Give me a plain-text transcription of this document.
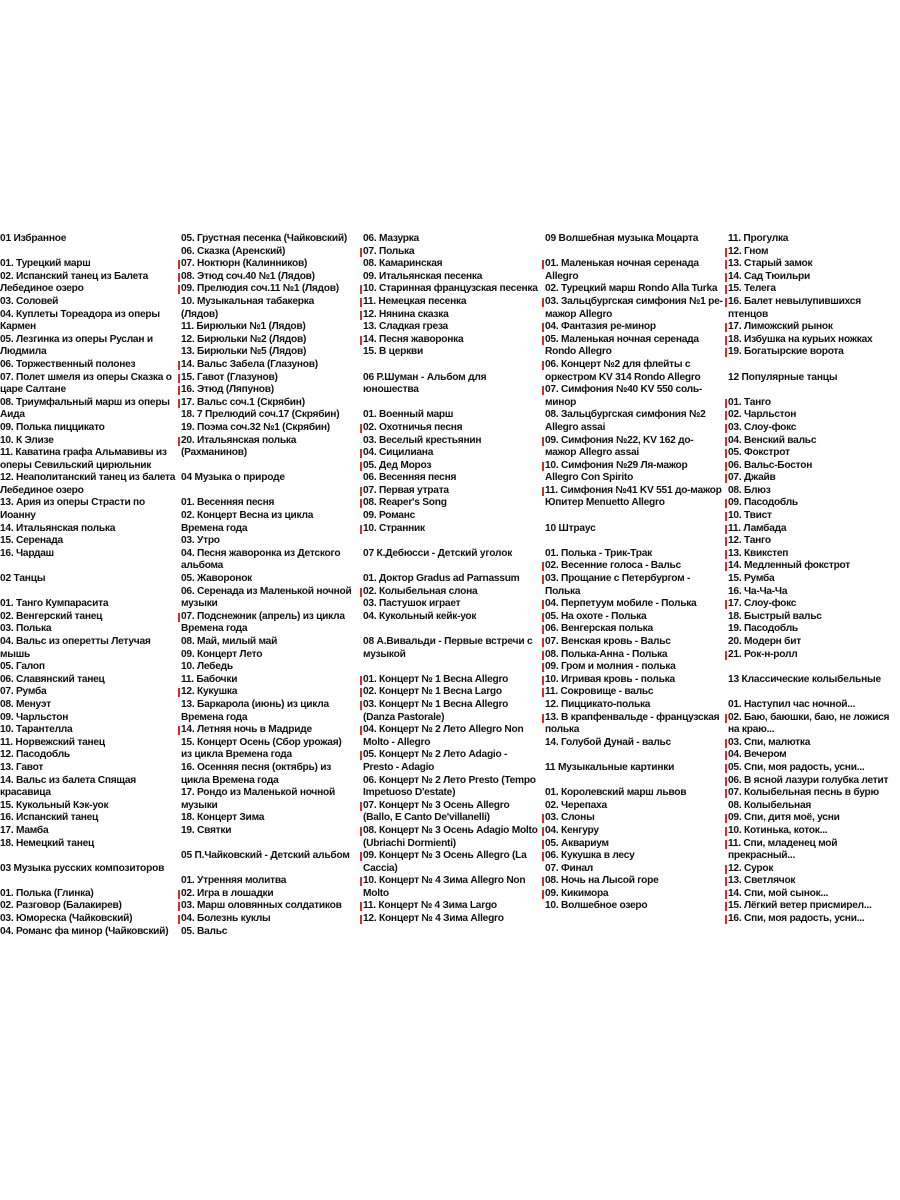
01 Избранное
01. Турецкий марш
02. Испанский танец из Балета Лебединое озеро
03. Соловей
04. Куплеты Тореадора из оперы Кармен
05. Лезгинка из оперы Руслан и Людмила
06. Торжественный полонез
07. Полет шмеля из оперы Сказка о царе Салтане
08. Триумфальный марш из оперы Аида
09. Полька пиццикато
10. К Элизе
11. Каватина графа Альмавивы из оперы Севильский цирюльник
12. Неаполитанский танец из балета Лебединое озеро
13. Ария из оперы Страсти по Иоанну
14. Итальянская полька
15. Серенада
16. Чардаш
02 Танцы
01. Танго Кумпарасита
02. Венгерский танец
03. Полька
04. Вальс из оперетты Летучая мышь
05. Галоп
06. Славянский танец
07. Румба
08. Менуэт
09. Чарльстон
10. Тарантелла
11. Норвежский танец
12. Пасодобль
13. Гавот
14. Вальс из балета Спящая красавица
15. Кукольный Кэк-уок
16. Испанский танец
17. Мамба
18. Немецкий танец
03 Музыка русских композиторов
01. Полька (Глинка)
02. Разговор (Балакирев)
03. Юмореска (Чайковский)
04. Романс фа минор (Чайковский)
05. Грустная песенка (Чайковский)
06. Сказка (Аренский)
07. Ноктюрн (Калинников)
08. Этюд соч.40 №1 (Лядов)
09. Прелюдия соч.11 №1 (Лядов)
10. Музыкальная табакерка (Лядов)
11. Бирюльки №1 (Лядов)
12. Бирюльки №2 (Лядов)
13. Бирюльки №5 (Лядов)
14. Вальс Забела (Глазунов)
15. Гавот (Глазунов)
16. Этюд (Ляпунов)
17. Вальс соч.1 (Скрябин)
18. 7 Прелюдий соч.17 (Скрябин)
19. Поэма соч.32 №1 (Скрябин)
20. Итальянская полька (Рахманинов)
04 Музыка о природе
01. Весенняя песня
02. Концерт Весна из цикла Времена года
03. Утро
04. Песня жаворонка из Детского альбома
05. Жаворонок
06. Серенада из Маленькой ночной музыки
07. Подснежник (апрель) из цикла Времена года
08. Май, милый май
09. Концерт Лето
10. Лебедь
11. Бабочки
12. Кукушка
13. Баркарола (июнь) из цикла Времена года
14. Летняя ночь в Мадриде
15. Концерт Осень (Сбор урожая) из цикла Времена года
16. Осенняя песня (октябрь) из цикла Времена года
17. Рондо из Маленькой ночной музыки
18. Концерт Зима
19. Святки
05 П.Чайковский - Детский альбом
01. Утренняя молитва
02. Игра в лошадки
03. Марш оловянных солдатиков
04. Болезнь куклы
05. Вальс
06. Мазурка
07. Полька
08. Камаринская
09. Итальянская песенка
10. Старинная французская песенка
11. Немецкая песенка
12. Нянина сказка
13. Сладкая греза
14. Песня жаворонка
15. В церкви
06 Р.Шуман - Альбом для юношества
01. Военный марш
02. Охотничья песня
03. Веселый крестьянин
04. Сицилиана
05. Дед Мороз
06. Весенняя песня
07. Первая утрата
08. Reaper's Song
09. Романс
10. Странник
07 К.Дебюсси - Детский уголок
01. Доктор Gradus ad Parnassum
02. Колыбельная слона
03. Пастушок играет
04. Кукольный кейк-уок
08 А.Вивальди - Первые встречи с музыкой
01. Концерт № 1 Весна Allegro
02. Концерт № 1 Весна Largo
03. Концерт № 1 Весна Allegro (Danza Pastorale)
04. Концерт № 2 Лето Allegro Non Molto - Allegro
05. Концерт № 2 Лето Adagio - Presto - Adagio
06. Концерт № 2 Лето Presto (Tempo Impetuoso D'estate)
07. Концерт № 3 Осень Allegro (Ballo, E Canto De'villanelli)
08. Концерт № 3 Осень Adagio Molto (Ubriachi Dormienti)
09. Концерт № 3 Осень Allegro (La Caccia)
10. Концерт № 4 Зима Allegro Non Molto
11. Концерт № 4 Зима Largo
12. Концерт № 4 Зима Allegro
09 Волшебная музыка Моцарта
01. Маленькая ночная серенада Allegro
02. Турецкий марш Rondo Alla Turka
03. Зальцбургская симфония №1 ре-мажор Allegro
04. Фантазия ре-минор
05. Маленькая ночная серенада Rondo Allegro
06. Концерт №2 для флейты с оркестром KV 314 Rondo Allegro
07. Симфония №40 KV 550 соль-минор
08. Зальцбургская симфония №2 Allegro assai
09. Симфония №22, KV 162 до-мажор Allegro assai
10. Симфония №29 Ля-мажор Allegro Con Spirito
11. Симфония №41 KV 551 до-мажор Юпитер Menuetto Allegro
10 Штраус
01. Полька - Трик-Трак
02. Весенние голоса - Вальс
03. Прощание с Петербургом - Полька
04. Перпетуум мобиле - Полька
05. На охоте - Полька
06. Венгерская полька
07. Венская кровь - Вальс
08. Полька-Анна - Полька
09. Гром и молния - полька
10. Игривая кровь - полька
11. Сокровище - вальс
12. Пиццикато-полька
13. В крапфенвальде - французская полька
14. Голубой Дунай - вальс
11 Музыкальные картинки
01. Королевский марш львов
02. Черепаха
03. Слоны
04. Кенгуру
05. Аквариум
06. Кукушка в лесу
07. Финал
08. Ночь на Лысой горе
09. Кикимора
10. Волшебное озеро
11. Прогулка
12. Гном
13. Старый замок
14. Сад Тюильри
15. Телега
16. Балет невылупившихся птенцов
17. Лиможский рынок
18. Избушка на курьих ножках
19. Богатырские ворота
12 Популярные танцы
01. Танго
02. Чарльстон
03. Слоу-фокс
04. Венский вальс
05. Фокстрот
06. Вальс-Бостон
07. Джайв
08. Блюз
09. Пасодобль
10. Твист
11. Ламбада
12. Танго
13. Квикстеп
14. Медленный фокстрот
15. Румба
16. Ча-Ча-Ча
17. Слоу-фокс
18. Быстрый вальс
19. Пасодобль
20. Модерн бит
21. Рок-н-ролл
13 Классические колыбельные
01. Наступил час ночной...
02. Баю, баюшки, баю, не ложися на краю...
03. Спи, малютка
04. Вечером
05. Спи, моя радость, усни...
06. В ясной лазури голубка летит
07. Колыбельная песнь в бурю
08. Колыбельная
09. Спи, дитя моё, усни
10. Котинька, коток...
11. Спи, младенец мой прекрасный...
12. Сурок
13. Светлячок
14. Спи, мой сынок...
15. Лёгкий ветер присмирел...
16. Спи, моя радость, усни...
